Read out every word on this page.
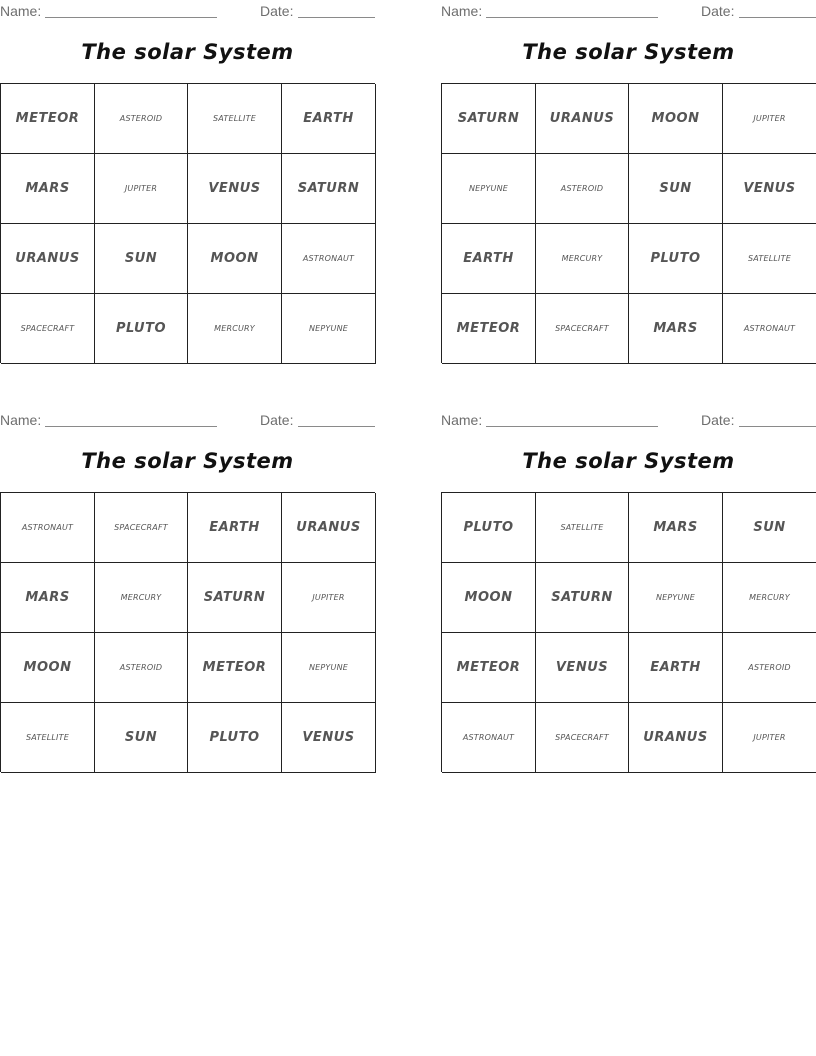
Name:	Date:
The solar System
METEOR	ASTEROID	SATELLITE	EARTH
MARS	JUPITER	VENUS	SATURN
URANUS	SUN	MOON	ASTRONAUT
SPACECRAFT	PLUTO	MERCURY	NEPYUNE
Name:	Date:
The solar System
SATURN	URANUS	MOON	JUPITER
NEPYUNE	ASTEROID	SUN	VENUS
EARTH	MERCURY	PLUTO	SATELLITE
METEOR	SPACECRAFT	MARS	ASTRONAUT
Name:	Date:
The solar System
ASTRONAUT	SPACECRAFT	EARTH	URANUS
MARS	MERCURY	SATURN	JUPITER
MOON	ASTEROID	METEOR	NEPYUNE
SATELLITE	SUN	PLUTO	VENUS
Name:	Date:
The solar System
PLUTO	SATELLITE	MARS	SUN
MOON	SATURN	NEPYUNE	MERCURY
METEOR	VENUS	EARTH	ASTEROID
ASTRONAUT	SPACECRAFT	URANUS	JUPITER
